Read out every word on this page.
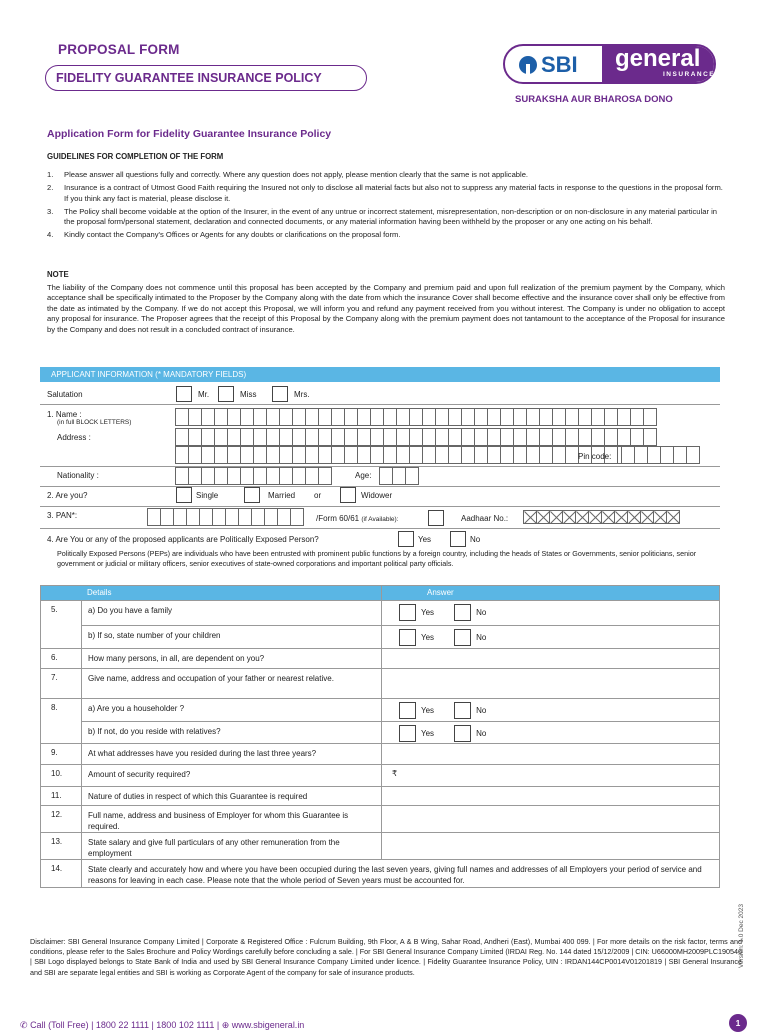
PROPOSAL FORM
FIDELITY GUARANTEE INSURANCE POLICY
SBI general
INSURANCE
SURAKSHA AUR BHAROSA DONO
Application Form for Fidelity Guarantee Insurance Policy
GUIDELINES FOR COMPLETION OF THE FORM
1. Please answer all questions fully and correctly. Where any question does not apply, please mention clearly that the same is not applicable.
2. Insurance is a contract of Utmost Good Faith requiring the Insured not only to disclose all material facts but also not to suppress any material facts in response to the questions in the proposal form. If you think any fact is material, please disclose it.
3. The Policy shall become voidable at the option of the Insurer, in the event of any untrue or incorrect statement, misrepresentation, non-description or on non-disclosure in any material particular in the proposal form/personal statement, declaration and connected documents, or any material information having been withheld by the proposer or any one acting on his behalf.
4. Kindly contact the Company's Offices or Agents for any doubts or clarifications on the proposal form.
NOTE
The liability of the Company does not commence until this proposal has been accepted by the Company and premium paid and upon full realization of the premium payment by the Company, which acceptance shall be specifically intimated to the Proposer by the Company along with the date from which the insurance Cover shall become effective and the insurance cover shall only be effective from the date as intimated by the Company. If we do not accept this Proposal, we will inform you and refund any payment received from you without interest. The Company is under no obligation to accept any proposal for insurance. The Proposer agrees that the receipt of this Proposal by the Company along with the premium payment does not tantamount to the acceptance of the Proposal for insurance by the Company and does not result in a concluded contract of insurance.
APPLICANT INFORMATION (* MANDATORY FIELDS)
Salutation	Mr.	Miss	Mrs.
1. Name :
(in full BLOCK LETTERS)
Address :
Pin code:
Nationality :	Age:
2. Are you?	Single	Married or	Widower
3. PAN*:	/Form 60/61 (if Available):	Aadhaar No.:
4. Are You or any of the proposed applicants are Politically Exposed Person?	Yes	No
Politically Exposed Persons (PEPs) are individuals who have been entrusted with prominent public functions by a foreign country, including the heads of States or Governments, senior politicians, senior government or judicial or military officers, senior executives of state-owned corporations and important political party officials.
Details		Answer
5.	a) Do you have a family	Yes No

	b) If so, state number of your children	Yes No

6.	How many persons, in all, are dependent on you?	
7.	Give name, address and occupation of your father or nearest relative.	
8.	a) Are you a householder ?	Yes No

	b) If not, do you reside with relatives?	Yes No

9.	At what addresses have you resided during the last three years?	
10.	Amount of security required?	₹

11.	Nature of duties in respect of which this Guarantee is required	
12.	Full name, address and business of Employer for whom this Guarantee is required.	
13.	State salary and give full particulars of any other remuneration from the employment	
14.	State clearly and accurately how and where you have been occupied during the last seven years, giving full names and addresses of all Employers your period of service and reasons for leaving in each case. Please note that the whole period of Seven years must be accounted for.	
Disclaimer: SBI General Insurance Company Limited | Corporate & Registered Office : Fulcrum Building, 9th Floor, A & B Wing, Sahar Road, Andheri (East), Mumbai 400 099. | For more details on the risk factor, terms and conditions, please refer to the Sales Brochure and Policy Wordings carefully before concluding a sale. | For SBI General Insurance Company Limited (IRDAI Reg. No. 144 dated 15/12/2009 | CIN: U66000MH2009PLC190546 | SBI Logo displayed belongs to State Bank of India and used by SBI General Insurance Company Limited under licence. | Fidelity Guarantee Insurance Policy, UIN : IRDAN144CP0014V01201819 | SBI General Insurance and SBI are separate legal entities and SBI is working as Corporate Agent of the company for sale of insurance products.
Version: 1.0 Dec 2023
✆ Call (Toll Free) | 1800 22 1111 | 1800 102 1111 | ⊕ www.sbigeneral.in	1
